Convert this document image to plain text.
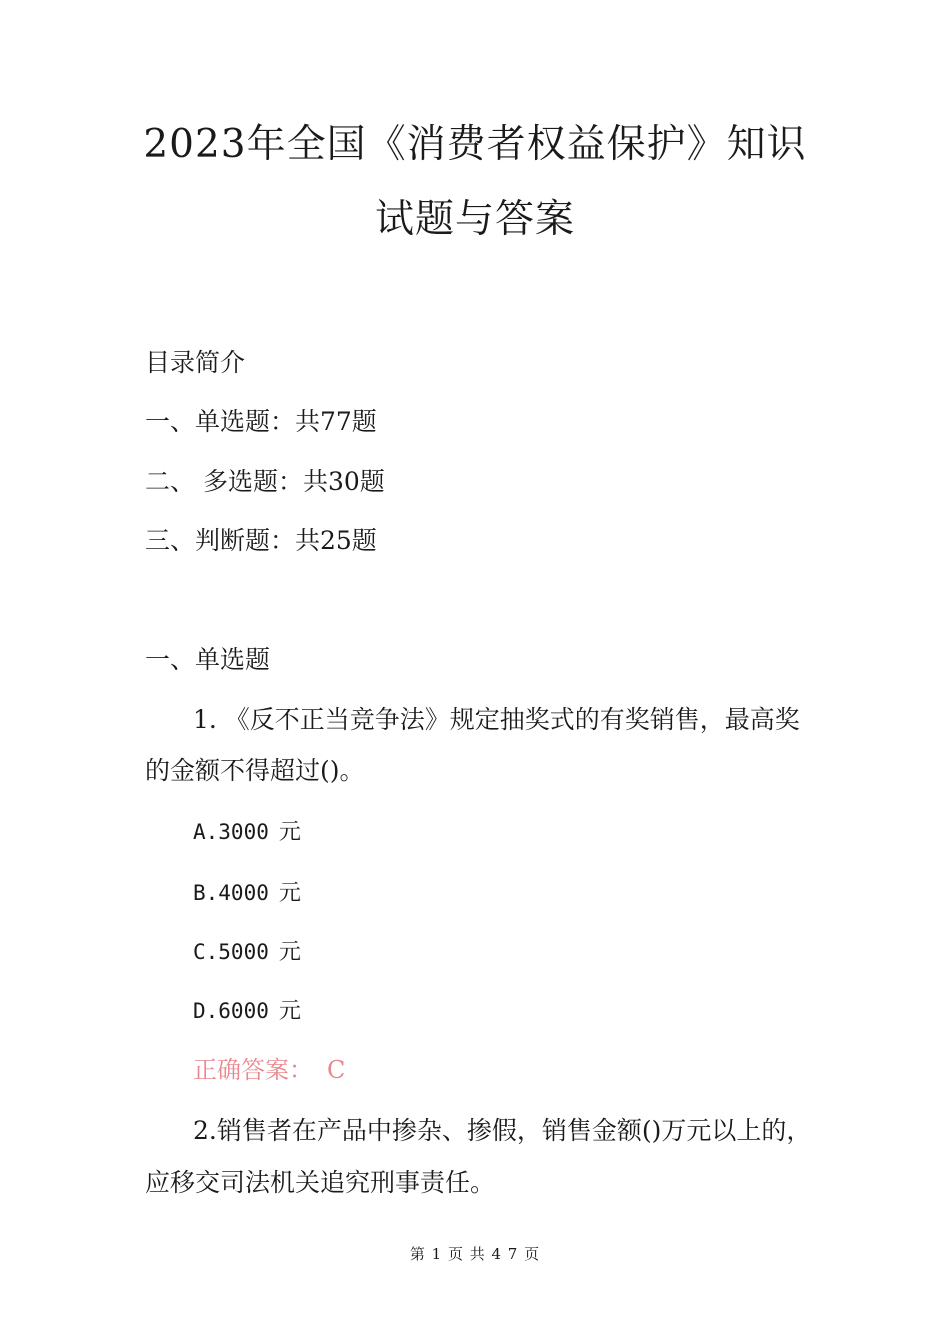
2023年全国《消费者权益保护》知识
试题与答案
目录简介
一、单选题：共77题
二、 多选题：共30题
三、判断题：共25题
一、单选题
1. 《反不正当竞争法》规定抽奖式的有奖销售，最高奖
的金额不得超过()。
A.3000 元
B.4000 元
C.5000 元
D.6000 元
正确答案： C
2.销售者在产品中掺杂、掺假，销售金额()万元以上的，
应移交司法机关追究刑事责任。
第 1 页 共 4 7 页
